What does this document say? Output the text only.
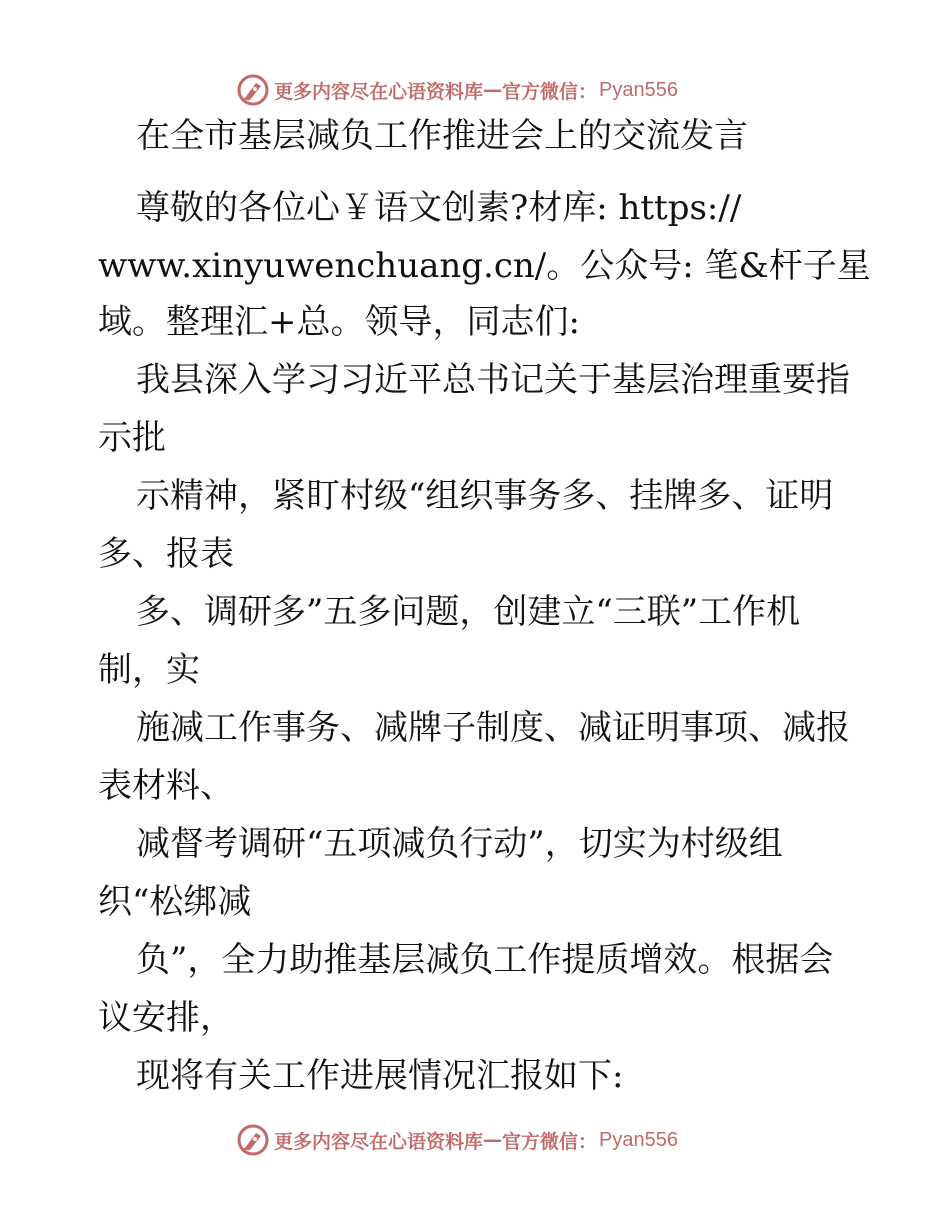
更多内容尽在心语资料库 — 官方微信： Pyan556
在全市基层减负工作推进会上的交流发言
尊敬的各位心￥语文创素?材库: https://
www.xinyuwenchuang.cn/。公众号: 笔&杆子星
域。整理汇+总。领导，同志们:
我县深入学习习近平总书记关于基层治理重要指
示批
示精神，紧盯村级“组织事务多、挂牌多、证明
多、报表
多、调研多”五多问题，创建立“三联”工作机
制，实
施减工作事务、减牌子制度、减证明事项、减报
表材料、
减督考调研“五项减负行动”，切实为村级组
织“松绑减
负”，全力助推基层减负工作提质增效。根据会
议安排，
现将有关工作进展情况汇报如下:
更多内容尽在心语资料库 — 官方微信： Pyan556
